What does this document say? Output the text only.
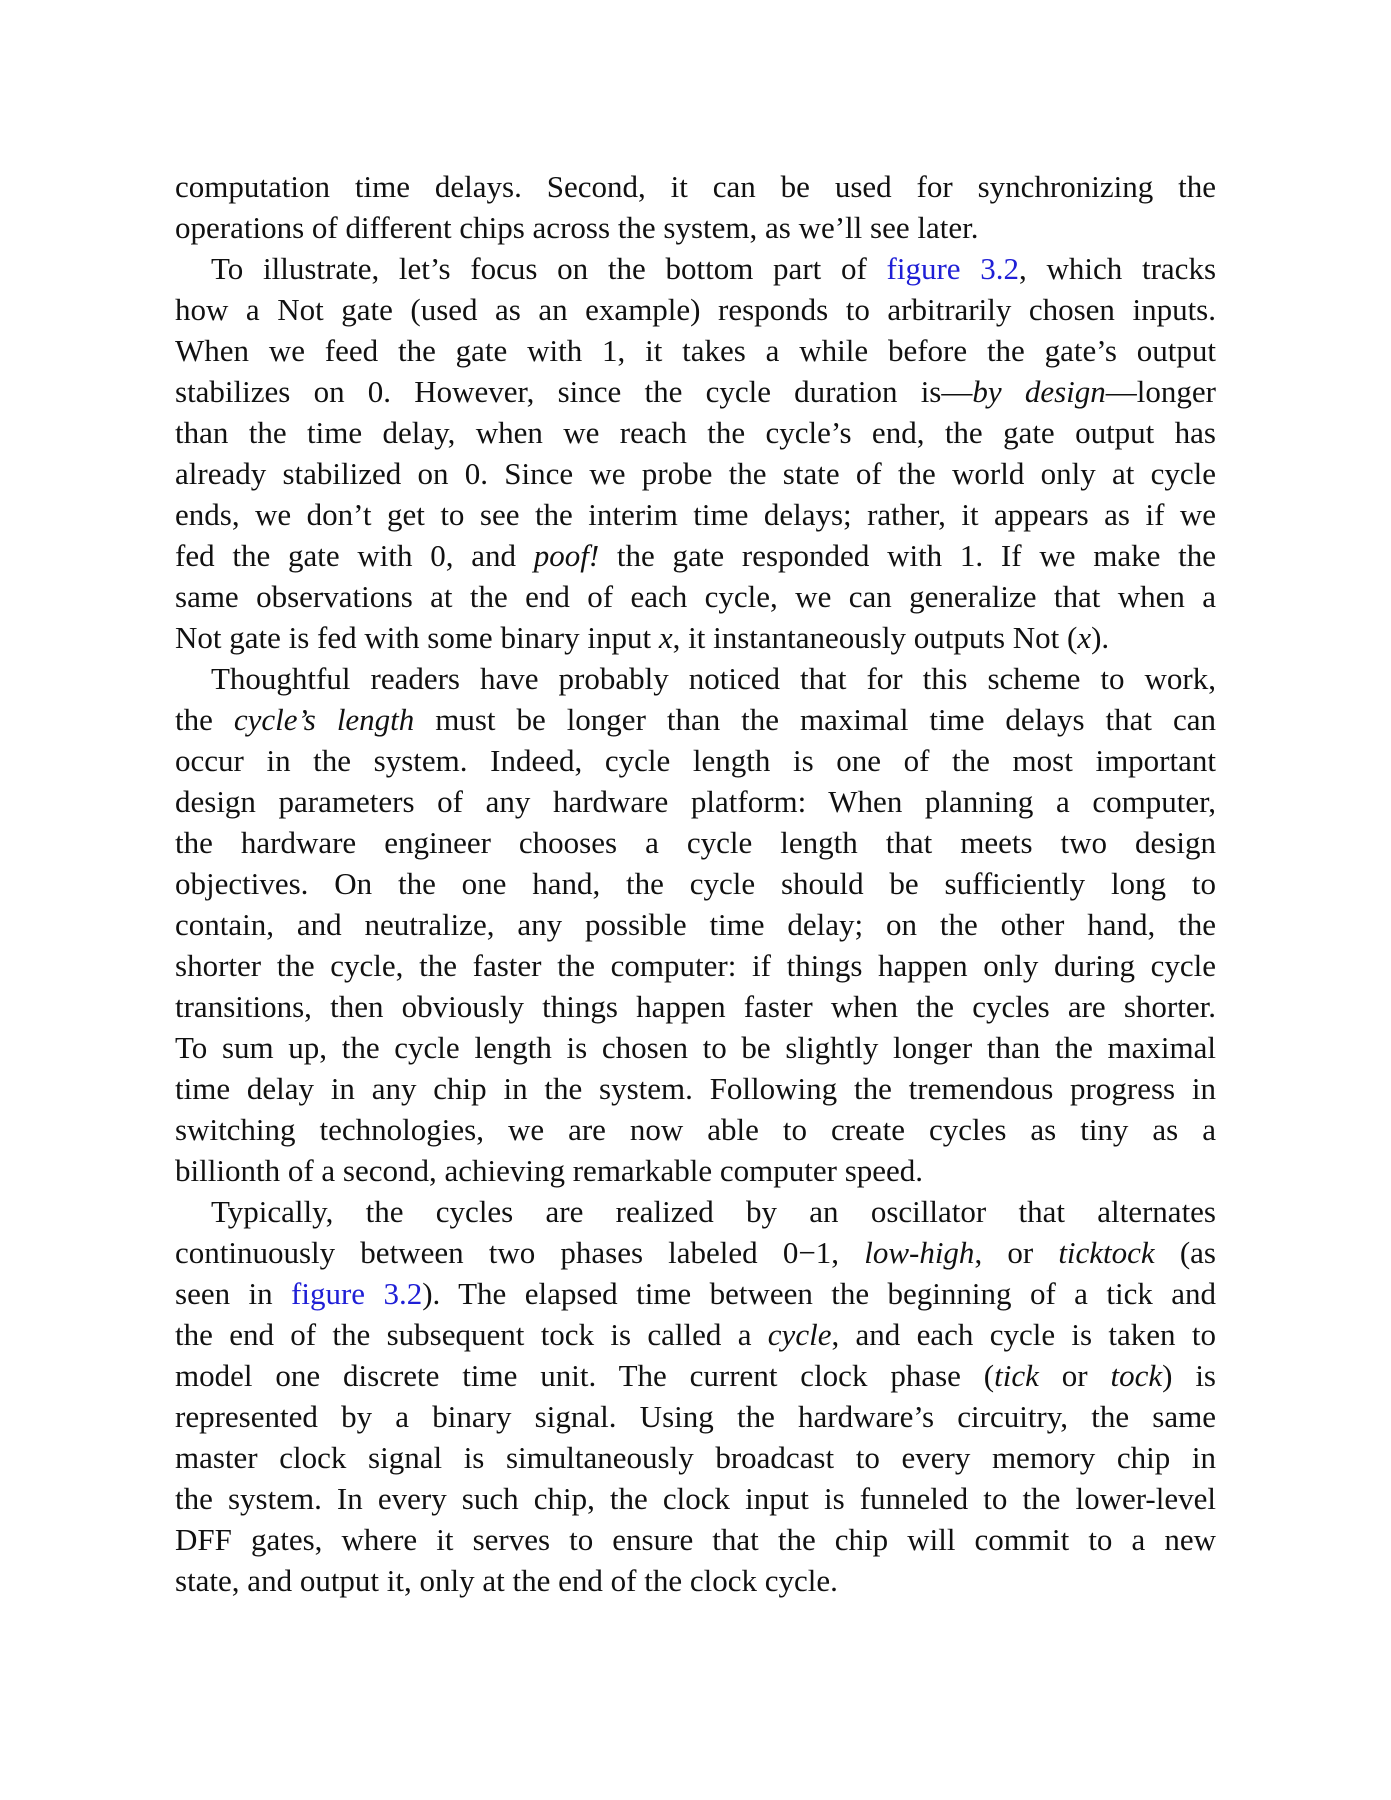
computation time delays. Second, it can be used for synchronizing the
operations of different chips across the system, as we’ll see later.
To illustrate, let’s focus on the bottom part of figure 3.2, which tracks
how a Not gate (used as an example) responds to arbitrarily chosen inputs.
When we feed the gate with 1, it takes a while before the gate’s output
stabilizes on 0. However, since the cycle duration is—by design—longer
than the time delay, when we reach the cycle’s end, the gate output has
already stabilized on 0. Since we probe the state of the world only at cycle
ends, we don’t get to see the interim time delays; rather, it appears as if we
fed the gate with 0, and poof! the gate responded with 1. If we make the
same observations at the end of each cycle, we can generalize that when a
Not gate is fed with some binary input x, it instantaneously outputs Not (x).
Thoughtful readers have probably noticed that for this scheme to work,
the cycle’s length must be longer than the maximal time delays that can
occur in the system. Indeed, cycle length is one of the most important
design parameters of any hardware platform: When planning a computer,
the hardware engineer chooses a cycle length that meets two design
objectives. On the one hand, the cycle should be sufficiently long to
contain, and neutralize, any possible time delay; on the other hand, the
shorter the cycle, the faster the computer: if things happen only during cycle
transitions, then obviously things happen faster when the cycles are shorter.
To sum up, the cycle length is chosen to be slightly longer than the maximal
time delay in any chip in the system. Following the tremendous progress in
switching technologies, we are now able to create cycles as tiny as a
billionth of a second, achieving remarkable computer speed.
Typically, the cycles are realized by an oscillator that alternates
continuously between two phases labeled 0−1, low-high, or ticktock (as
seen in figure 3.2). The elapsed time between the beginning of a tick and
the end of the subsequent tock is called a cycle, and each cycle is taken to
model one discrete time unit. The current clock phase (tick or tock) is
represented by a binary signal. Using the hardware’s circuitry, the same
master clock signal is simultaneously broadcast to every memory chip in
the system. In every such chip, the clock input is funneled to the lower-level
DFF gates, where it serves to ensure that the chip will commit to a new
state, and output it, only at the end of the clock cycle.
